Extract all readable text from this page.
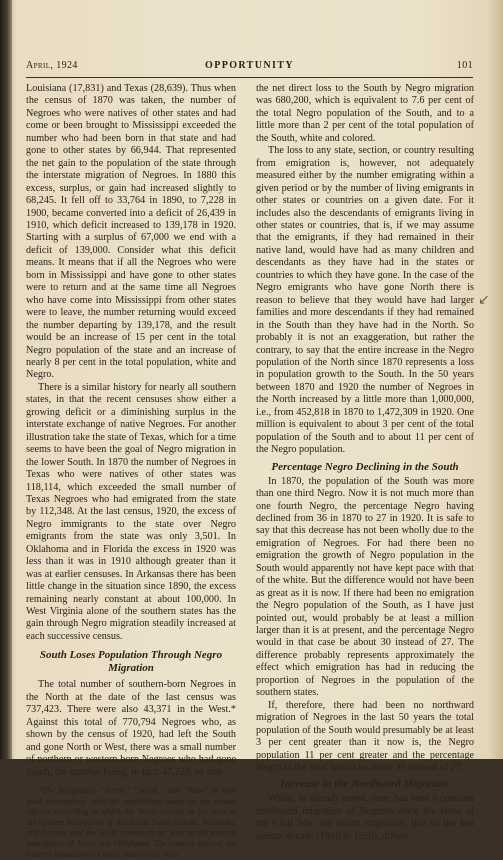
April, 1924	OPPORTUNITY	101

Louisiana (17,831) and Texas (28,639). Thus when the census of 1870 was taken, the number of Negroes who were natives of other states and had come or been brought to Mississippi exceeded the number who had been born in that state and had gone to other states by 66,944. That represented the net gain to the population of the state through the interstate migration of Negroes. In 1880 this excess, surplus, or gain had increased slightly to 68,245. It fell off to 33,764 in 1890, to 7,228 in 1900, became converted into a deficit of 26,439 in 1910, which deficit increased to 139,178 in 1920. Starting with a surplus of 67,000 we end with a deficit of 139,000. Consider what this deficit means. It means that if all the Negroes who were born in Mississippi and have gone to other states were to return and at the same time all Negroes who have come into Mississippi from other states were to leave, the number returning would exceed the number departing by 139,178, and the result would be an increase of 15 per cent in the total Negro population of the state and an increase of nearly 8 per cent in the total population, white and Negro.

There is a similar history for nearly all southern states, in that the recent censuses show either a growing deficit or a diminishing surplus in the interstate exchange of native Negroes. For another illustration take the state of Texas, which for a time seems to have been the goal of Negro migration in the lower South. In 1870 the number of Negroes in Texas who were natives of other states was 118,114, which exceeded the small number of Texas Negroes who had emigrated from the state by 112,348. At the last census, 1920, the excess of Negro immigrants to the state over Negro emigrants from the state was only 3,501. In Oklahoma and in Florida the excess in 1920 was less than it was in 1910 although greater than it was at earlier censuses. In Arkansas there has been little change in the situation since 1890, the excess remaining nearly constant at about 100,000. In West Virginia alone of the southern states has the gain through Negro migration steadily increased at each successive census.

South Loses Population Through Negro Migration

The total number of southern-born Negroes in the North at the date of the last census was 737,423. There were also 43,371 in the West.* Against this total of 770,794 Negroes who, as shown by the census of 1920, had left the South and gone North or West, there was a small number of northern or western born Negroes who had gone South, the number being, in fact, 47,223, so that

*The designation “North,” “South,” and “West” as here used corresponds with the established usage in the census reports, according to which the North extends as far west as the western boundaries of North and South Dakota, Nebraska, and Kansas; and the South extends as far west as the western boundaries of Texas and Oklahoma. The country beyond the western boundaries of these states is the West.

the net direct loss to the South by Negro migration was 680,200, which is equivalent to 7.6 per cent of the total Negro population of the South, and to a little more than 2 per cent of the total population of the South, white and colored.

The loss to any state, section, or country resulting from emigration is, however, not adequately measured either by the number emigrating within a given period or by the number of living emigrants in other states or countries on a given date. For it includes also the descendants of emigrants living in other states or countries, that is, if we may assume that the emigrants, if they had remained in their native land, would have had as many children and descendants as they have had in the states or countries to which they have gone. In the case of the Negro emigrants who have gone North there is reason to believe that they would have had larger families and more descendants if they had remained in the South than they have had in the North. So probably it is not an exaggeration, but rather the contrary, to say that the entire increase in the Negro population of the North since 1870 represents a loss in population growth to the South. In the 50 years between 1870 and 1920 the number of Negroes in the North increased by a little more than 1,000,000, i.e., from 452,818 in 1870 to 1,472,309 in 1920. One million is equivalent to about 3 per cent of the total population of the South and to about 11 per cent of the Negro population.

Percentage Negro Declining in the South

In 1870, the population of the South was more than one third Negro. Now it is not much more than one fourth Negro, the percentage Negro having declined from 36 in 1870 to 27 in 1920. It is safe to say that this decrease has not been wholly due to the emigration of Negroes. For had there been no emigration the growth of Negro population in the South would apparently not have kept pace with that of the white. But the difference would not have been as great as it is now. If there had been no emigration the Negro population of the South, as I have just pointed out, would probably be at least a million larger than it is at present, and the percentage Negro would in that case be about 30 instead of 27. The difference probably represents approximately the effect which emigration has had in reducing the proportion of Negroes in the population of the southern states.

If, therefore, there had been no northward migration of Negroes in the last 50 years the total population of the South would presumably be at least 3 per cent greater than it now is, the Negro population 11 per cent greater and the percentage Negro in the total would be about 30 instead of 27.

Increase in the Northward Migration

While, as already noted, there has been a constant northward migration of Negroes since the close of the Civil War, the recent migration, that of the last census decade (1910 to 1920), differs

↙
